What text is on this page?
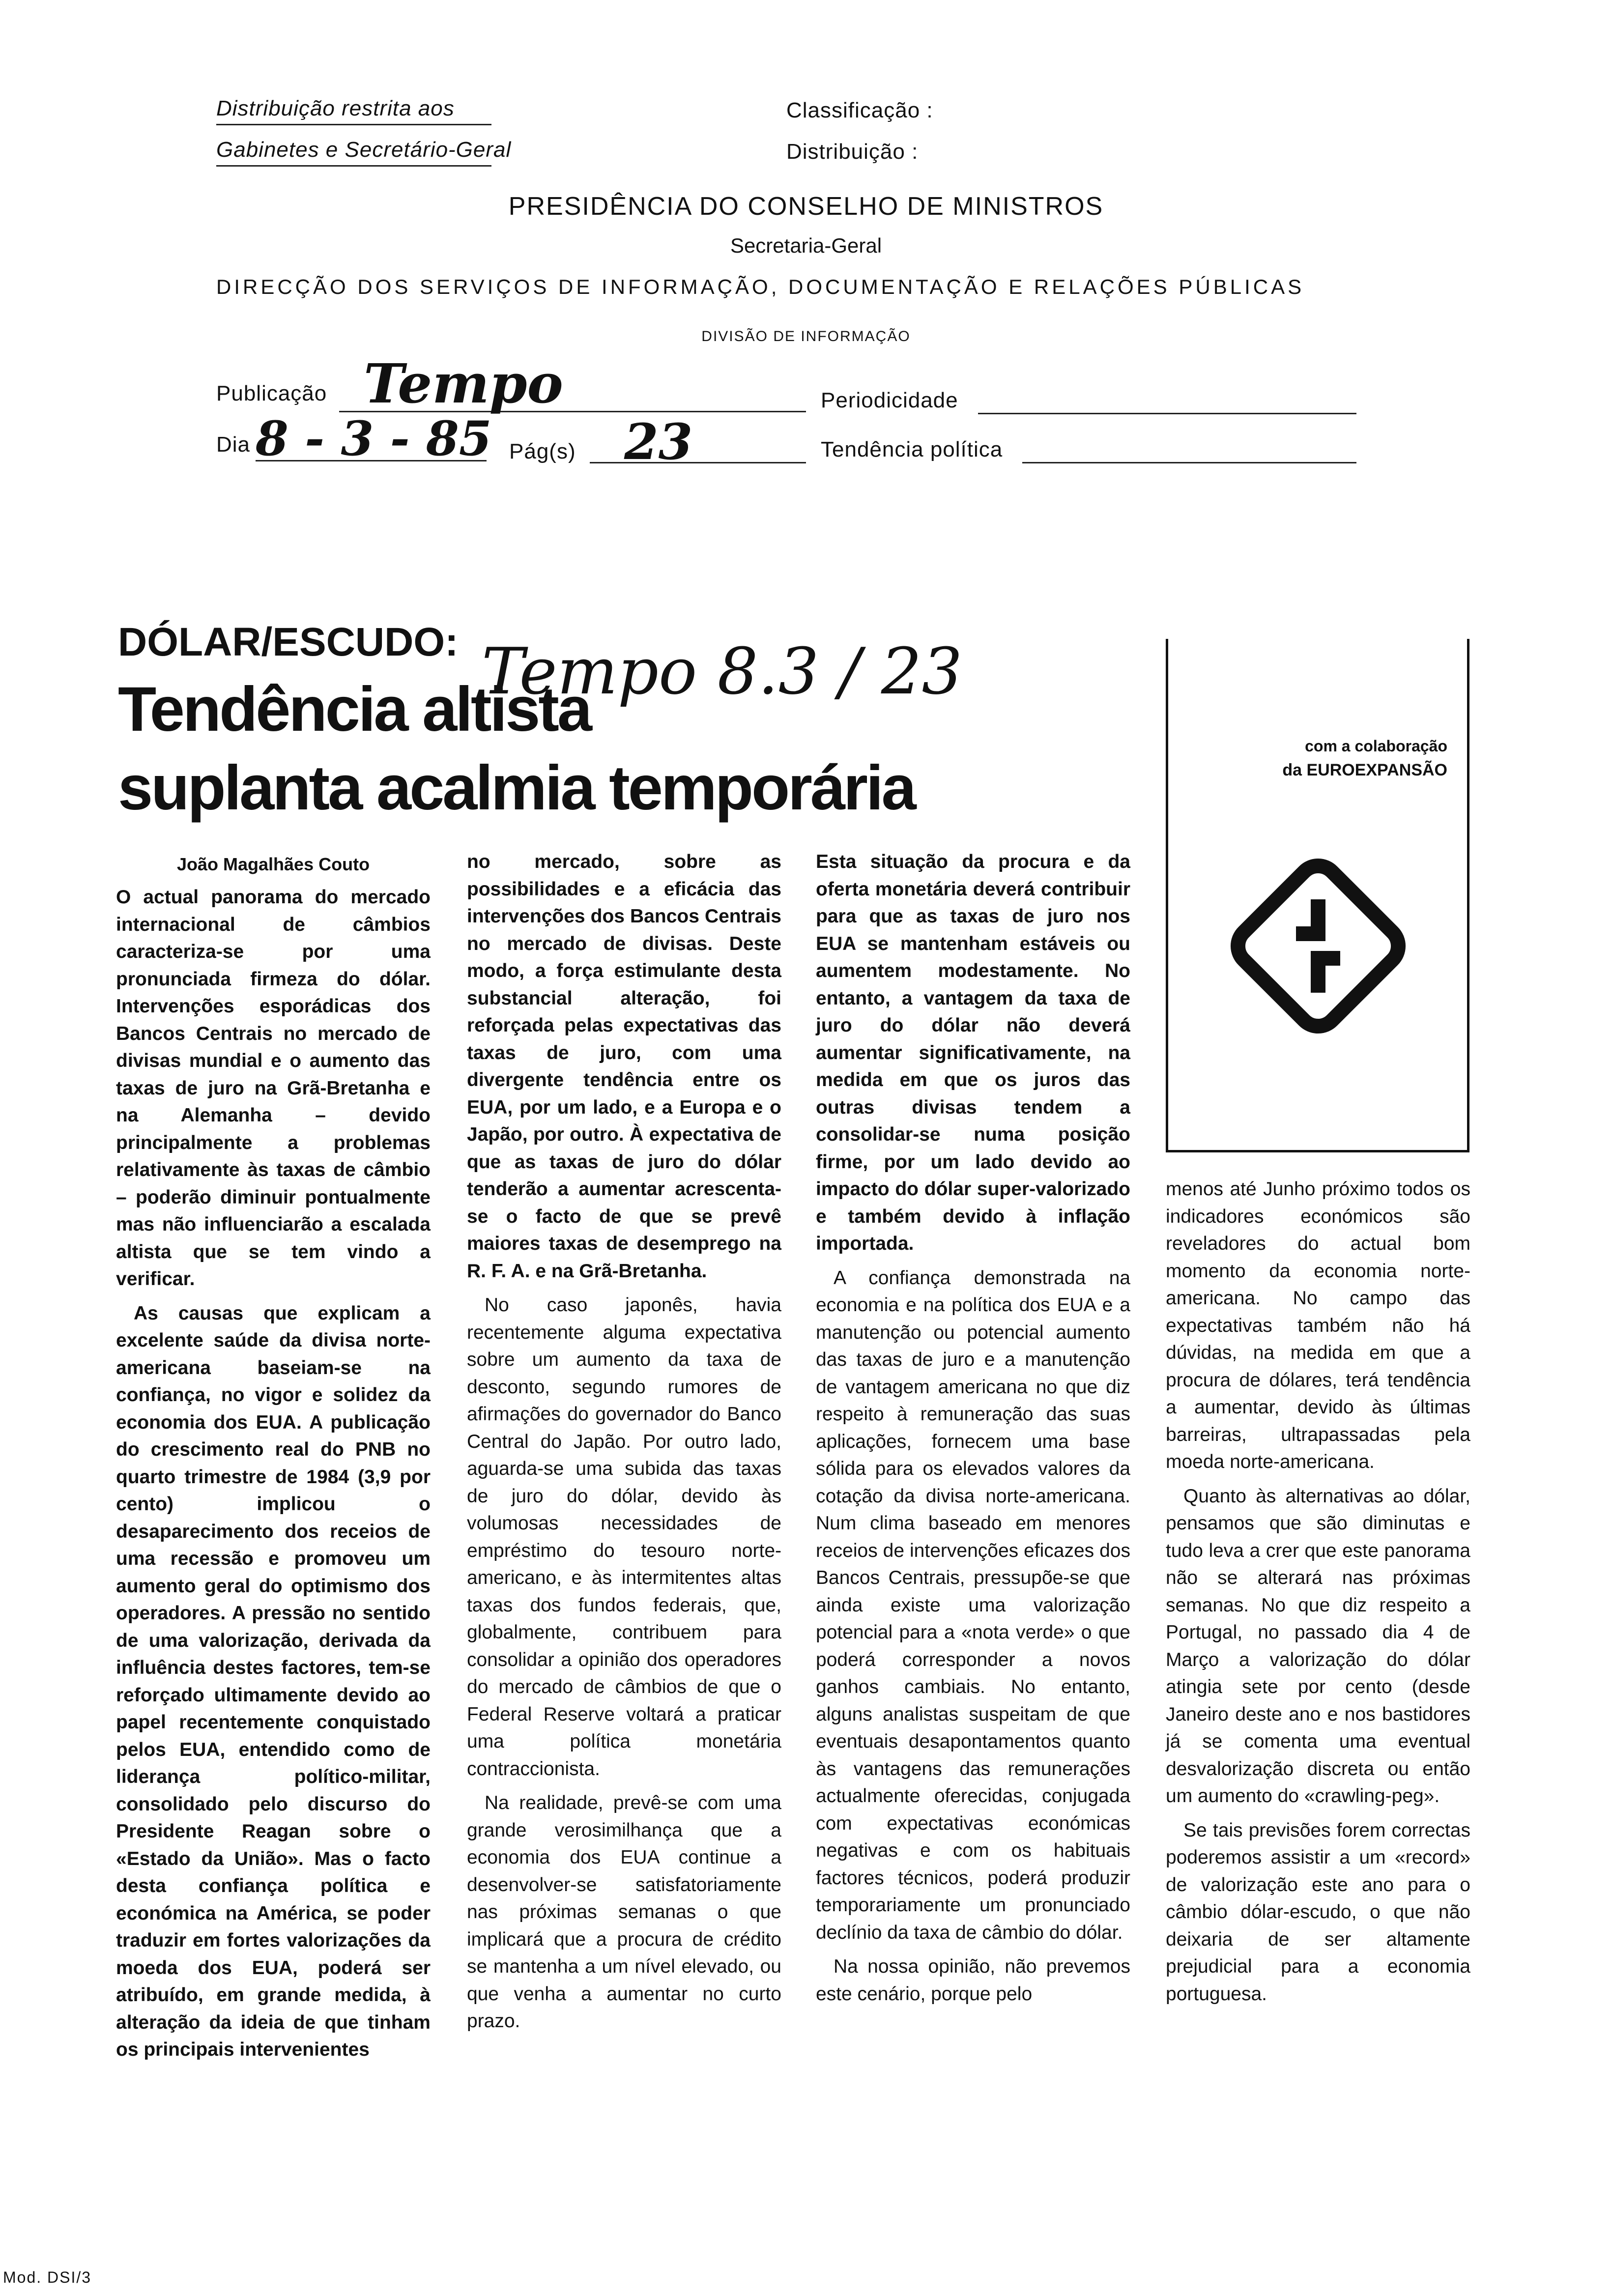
Distribuição restrita aos
Gabinetes e Secretário-Geral
Classificação :
Distribuição :
PRESIDÊNCIA DO CONSELHO DE MINISTROS
Secretaria-Geral
DIRECÇÃO DOS SERVIÇOS DE INFORMAÇÃO, DOCUMENTAÇÃO E RELAÇÕES PÚBLICAS
DIVISÃO DE INFORMAÇÃO
Publicação Tempo	Periodicidade
Dia 8 - 3 - 85 Pág(s) 23	Tendência política
DÓLAR/ESCUDO: Tempo 8.3 / 23
Tendência altista
suplanta acalmia temporária
com a colaboração
da EUROEXPANSÃO
João Magalhães Couto

O actual panorama do mercado internacional de câmbios caracteriza-se por uma pronunciada firmeza do dólar. Intervenções esporádicas dos Bancos Centrais no mercado de divisas mundial e o aumento das taxas de juro na Grã-Bretanha e na Alemanha – devido principalmente a problemas relativamente às taxas de câmbio – poderão diminuir pontualmente mas não influenciarão a escalada altista que se tem vindo a verificar.

As causas que explicam a excelente saúde da divisa norte-americana baseiam-se na confiança, no vigor e solidez da economia dos EUA. A publicação do crescimento real do PNB no quarto trimestre de 1984 (3,9 por cento) implicou o desaparecimento dos receios de uma recessão e promoveu um aumento geral do optimismo dos operadores. A pressão no sentido de uma valorização, derivada da influência destes factores, tem-se reforçado ultimamente devido ao papel recentemente conquistado pelos EUA, entendido como de liderança político-militar, consolidado pelo discurso do Presidente Reagan sobre o «Estado da União». Mas o facto desta confiança política e económica na América, se poder traduzir em fortes valorizações da moeda dos EUA, poderá ser atribuído, em grande medida, à alteração da ideia de que tinham os principais intervenientes

no mercado, sobre as possibilidades e a eficácia das intervenções dos Bancos Centrais no mercado de divisas. Deste modo, a força estimulante desta substancial alteração, foi reforçada pelas expectativas das taxas de juro, com uma divergente tendência entre os EUA, por um lado, e a Europa e o Japão, por outro. À expectativa de que as taxas de juro do dólar tenderão a aumentar acrescenta-se o facto de que se prevê maiores taxas de desemprego na R. F. A. e na Grã-Bretanha.

No caso japonês, havia recentemente alguma expectativa sobre um aumento da taxa de desconto, segundo rumores de afirmações do governador do Banco Central do Japão. Por outro lado, aguarda-se uma subida das taxas de juro do dólar, devido às volumosas necessidades de empréstimo do tesouro norte-americano, e às intermitentes altas taxas dos fundos federais, que, globalmente, contribuem para consolidar a opinião dos operadores do mercado de câmbios de que o Federal Reserve voltará a praticar uma política monetária contraccionista.

Na realidade, prevê-se com uma grande verosimilhança que a economia dos EUA continue a desenvolver-se satisfatoriamente nas próximas semanas o que implicará que a procura de crédito se mantenha a um nível elevado, ou que venha a aumentar no curto prazo.

Esta situação da procura e da oferta monetária deverá contribuir para que as taxas de juro nos EUA se mantenham estáveis ou aumentem modestamente. No entanto, a vantagem da taxa de juro do dólar não deverá aumentar significativamente, na medida em que os juros das outras divisas tendem a consolidar-se numa posição firme, por um lado devido ao impacto do dólar super-valorizado e também devido à inflação importada.

A confiança demonstrada na economia e na política dos EUA e a manutenção ou potencial aumento das taxas de juro e a manutenção de vantagem americana no que diz respeito à remuneração das suas aplicações, fornecem uma base sólida para os elevados valores da cotação da divisa norte-americana. Num clima baseado em menores receios de intervenções eficazes dos Bancos Centrais, pressupõe-se que ainda existe uma valorização potencial para a «nota verde» o que poderá corresponder a novos ganhos cambiais. No entanto, alguns analistas suspeitam de que eventuais desapontamentos quanto às vantagens das remunerações actualmente oferecidas, conjugada com expectativas económicas negativas e com os habituais factores técnicos, poderá produzir temporariamente um pronunciado declínio da taxa de câmbio do dólar.

Na nossa opinião, não prevemos este cenário, porque pelo

menos até Junho próximo todos os indicadores económicos são reveladores do actual bom momento da economia norte-americana. No campo das expectativas também não há dúvidas, na medida em que a procura de dólares, terá tendência a aumentar, devido às últimas barreiras, ultrapassadas pela moeda norte-americana.

Quanto às alternativas ao dólar, pensamos que são diminutas e tudo leva a crer que este panorama não se alterará nas próximas semanas. No que diz respeito a Portugal, no passado dia 4 de Março a valorização do dólar atingia sete por cento (desde Janeiro deste ano e nos bastidores já se comenta uma eventual desvalorização discreta ou então um aumento do «crawling-peg».

Se tais previsões forem correctas poderemos assistir a um «record» de valorização este ano para o câmbio dólar-escudo, o que não deixaria de ser altamente prejudicial para a economia portuguesa.

Mod. DSI/3
